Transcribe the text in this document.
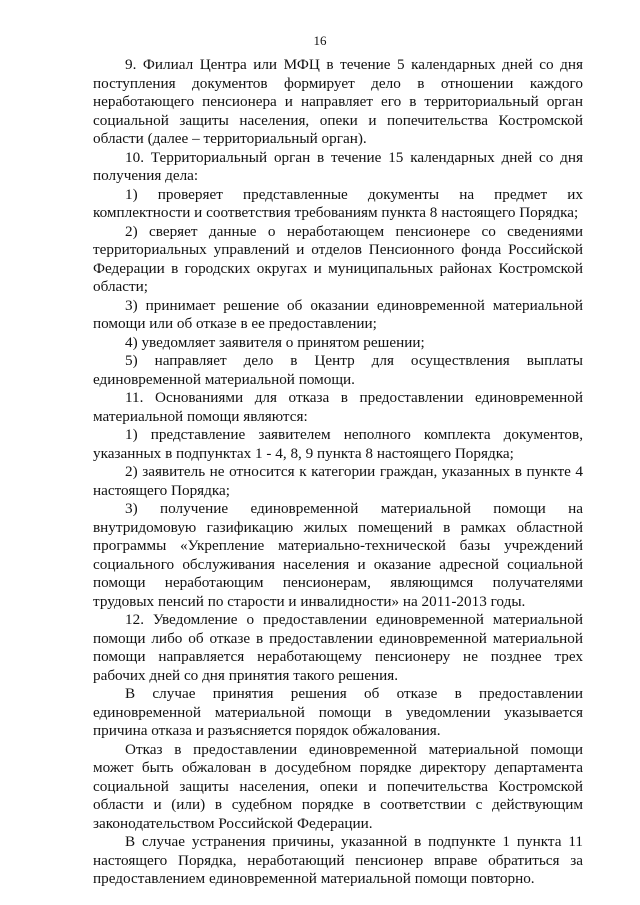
16

9. Филиал Центра или МФЦ в течение 5 календарных дней со дня поступления документов формирует дело в отношении каждого неработающего пенсионера и направляет его в территориальный орган социальной защиты населения, опеки и попечительства Костромской области (далее – территориальный орган).

10. Территориальный орган в течение 15 календарных дней со дня получения дела:

1) проверяет представленные документы на предмет их комплектности и соответствия требованиям пункта 8 настоящего Порядка;

2) сверяет данные о неработающем пенсионере со сведениями территориальных управлений и отделов Пенсионного фонда Российской Федерации в городских округах и муниципальных районах Костромской области;

3) принимает решение об оказании единовременной материальной помощи или об отказе в ее предоставлении;

4) уведомляет заявителя о принятом решении;

5) направляет дело в Центр для осуществления выплаты единовременной материальной помощи.

11. Основаниями для отказа в предоставлении единовременной материальной помощи являются:

1) представление заявителем неполного комплекта документов, указанных в подпунктах 1 - 4, 8, 9 пункта 8 настоящего Порядка;

2) заявитель не относится к категории граждан, указанных в пункте 4 настоящего Порядка;

3) получение единовременной материальной помощи на внутридомовую газификацию жилых помещений в рамках областной программы «Укрепление материально-технической базы учреждений социального обслуживания населения и оказание адресной социальной помощи неработающим пенсионерам, являющимся получателями трудовых пенсий по старости и инвалидности» на 2011-2013 годы.

12. Уведомление о предоставлении единовременной материальной помощи либо об отказе в предоставлении единовременной материальной помощи направляется неработающему пенсионеру не позднее трех рабочих дней со дня принятия такого решения.

В случае принятия решения об отказе в предоставлении единовременной материальной помощи в уведомлении указывается причина отказа и разъясняется порядок обжалования.

Отказ в предоставлении единовременной материальной помощи может быть обжалован в досудебном порядке директору департамента социальной защиты населения, опеки и попечительства Костромской области и (или) в судебном порядке в соответствии с действующим законодательством Российской Федерации.

В случае устранения причины, указанной в подпункте 1 пункта 11 настоящего Порядка, неработающий пенсионер вправе обратиться за предоставлением единовременной материальной помощи повторно.
